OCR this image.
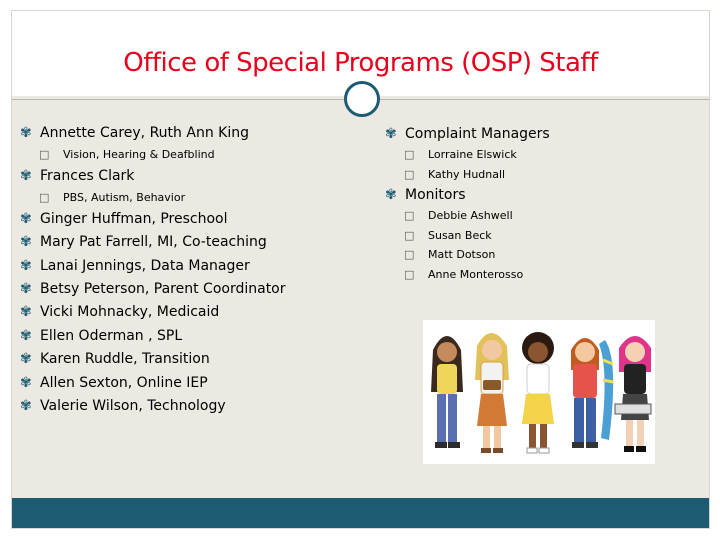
Office of Special Programs (OSP) Staff
✾ Annette Carey, Ruth Ann King
□ Vision, Hearing & Deafblind
✾ Frances Clark
□ PBS, Autism, Behavior
✾ Ginger Huffman, Preschool
✾ Mary Pat Farrell, MI, Co-teaching
✾ Lanai Jennings, Data Manager
✾ Betsy Peterson, Parent Coordinator
✾ Vicki Mohnacky, Medicaid
✾ Ellen Oderman , SPL
✾ Karen Ruddle, Transition
✾ Allen Sexton, Online IEP
✾ Valerie Wilson, Technology
✾ Complaint Managers
□ Lorraine Elswick
□ Kathy Hudnall
✾ Monitors
□ Debbie Ashwell
□ Susan Beck
□ Matt Dotson
□ Anne Monterosso
